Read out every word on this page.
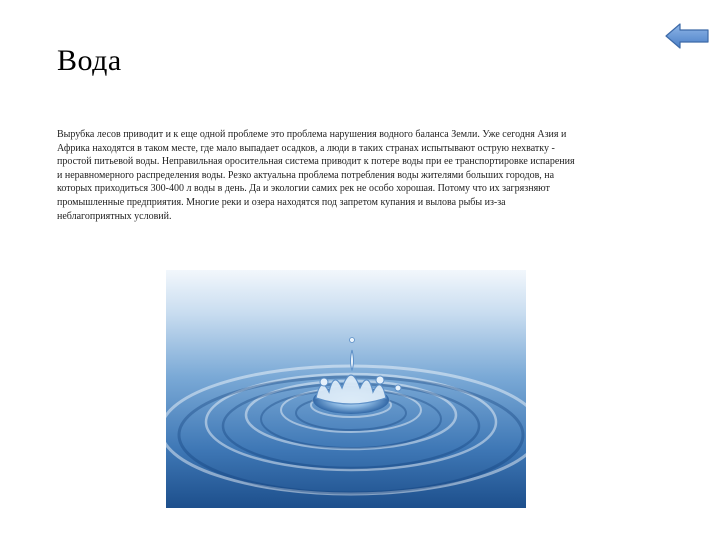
Вода
Вырубка лесов приводит и к еще одной проблеме это проблема нарушения водного баланса Земли. Уже сегодня Азия и Африка находятся в таком месте, где мало выпадает осадков, а люди в таких странах испытывают острую нехватку - простой питьевой воды. Неправильная оросительная система приводит к потере воды при ее транспортировке испарения и неравномерного распределения воды. Резко актуальна проблема потребления воды жителями больших городов, на которых приходиться 300-400 л воды в день. Да и экологии самих рек не особо хорошая. Потому что их загрязняют промышленные предприятия. Многие реки и озера находятся под запретом купания и вылова рыбы из-за неблагоприятных условий.
